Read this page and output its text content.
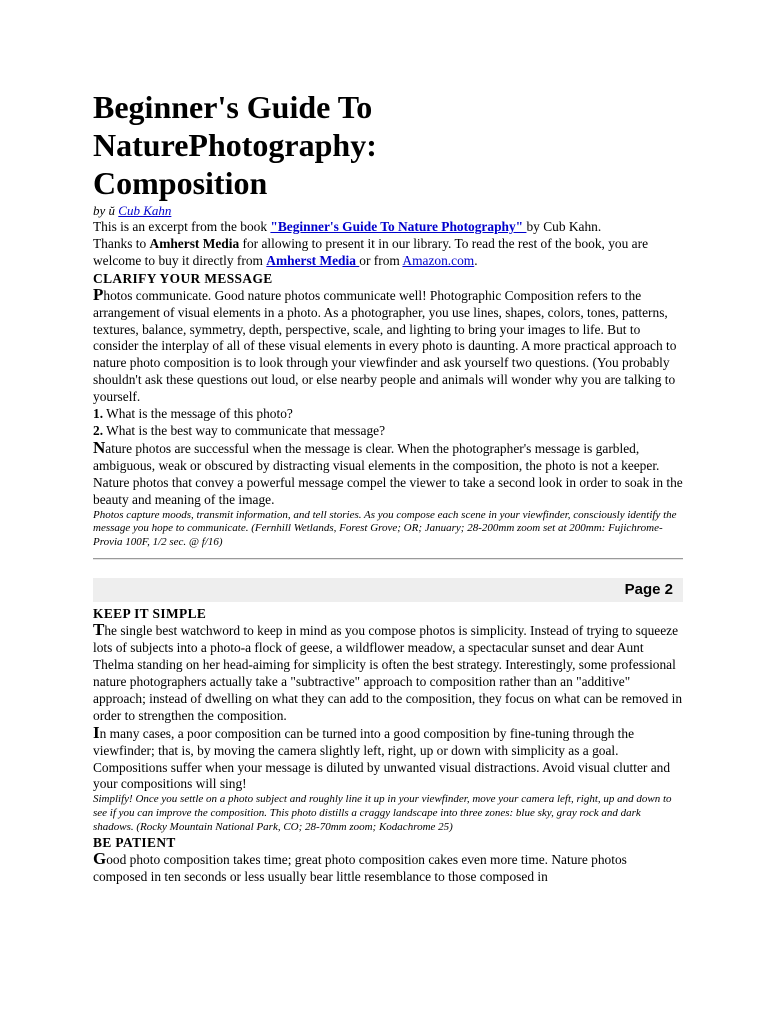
Beginner's Guide To
NaturePhotography:
Composition
by ŭ Cub Kahn

This is an excerpt from the book "Beginner's Guide To Nature Photography" by Cub Kahn.

Thanks to Amherst Media for allowing to present it in our library. To read the rest of the book, you are welcome to buy it directly from Amherst Media or from Amazon.com.

CLARIFY YOUR MESSAGE

Photos communicate. Good nature photos communicate well! Photographic Composition refers to the arrangement of visual elements in a photo. As a photographer, you use lines, shapes, colors, tones, patterns, textures, balance, symmetry, depth, perspective, scale, and lighting to bring your images to life. But to consider the interplay of all of these visual elements in every photo is daunting. A more practical approach to nature photo composition is to look through your viewfinder and ask yourself two questions. (You probably shouldn't ask these questions out loud, or else nearby people and animals will wonder why you are talking to yourself.

1. What is the message of this photo?
2. What is the best way to communicate that message?

Nature photos are successful when the message is clear. When the photographer's message is garbled, ambiguous, weak or obscured by distracting visual elements in the composition, the photo is not a keeper. Nature photos that convey a powerful message compel the viewer to take a second look in order to soak in the beauty and meaning of the image.

Photos capture moods, transmit information, and tell stories. As you compose each scene in your viewfinder, consciously identify the message you hope to communicate. (Fernhill Wetlands, Forest Grove; OR; January; 28-200mm zoom set at 200mm: Fujichrome- Provia 100F, 1/2 sec. @ f/16)

Page 2
KEEP IT SIMPLE

The single best watchword to keep in mind as you compose photos is simplicity. Instead of trying to squeeze lots of subjects into a photo-a flock of geese, a wildflower meadow, a spectacular sunset and dear Aunt Thelma standing on her head-aiming for simplicity is often the best strategy. Interestingly, some professional nature photographers actually take a "subtractive" approach to composition rather than an "additive" approach; instead of dwelling on what they can add to the composition, they focus on what can be removed in order to strengthen the composition.

In many cases, a poor composition can be turned into a good composition by fine-tuning through the viewfinder; that is, by moving the camera slightly left, right, up or down with simplicity as a goal. Compositions suffer when your message is diluted by unwanted visual distractions. Avoid visual clutter and your compositions will sing!

Simplify! Once you settle on a photo subject and roughly line it up in your viewfinder, move your camera left, right, up and down to see if you can improve the composition. This photo distills a craggy landscape into three zones: blue sky, gray rock and dark shadows. (Rocky Mountain National Park, CO; 28-70mm zoom; Kodachrome 25)

BE PATIENT

Good photo composition takes time; great photo composition cakes even more time. Nature photos composed in ten seconds or less usually bear little resemblance to those composed in
